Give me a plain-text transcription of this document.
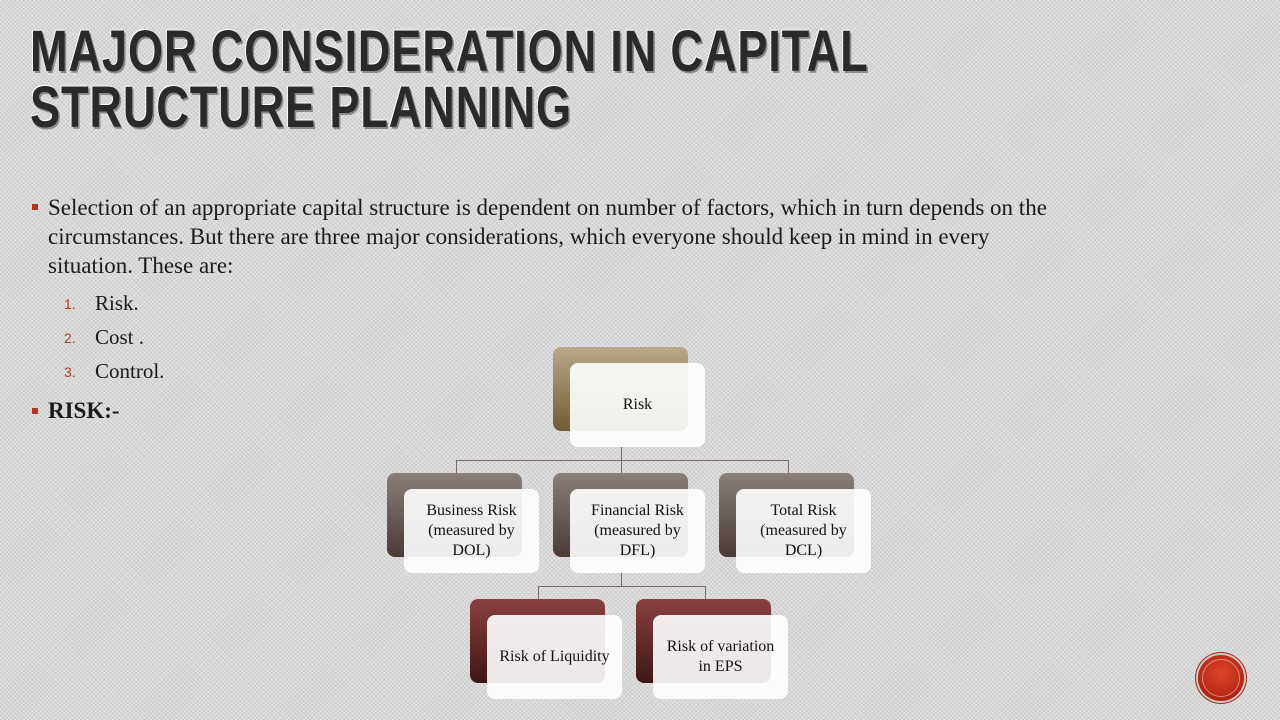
MAJOR CONSIDERATION IN CAPITAL
STRUCTURE PLANNING
Selection of an appropriate capital structure is dependent on number of factors, which in turn depends on the circumstances. But there are three major considerations, which everyone should keep in mind in every situation. These are:
1. Risk.
2. Cost .
3. Control.
RISK:-	Risk
Business Risk (measured by DOL)
Financial Risk (measured by DFL)
Total Risk (measured by DCL)
Risk of Liquidity
Risk of variation in EPS
